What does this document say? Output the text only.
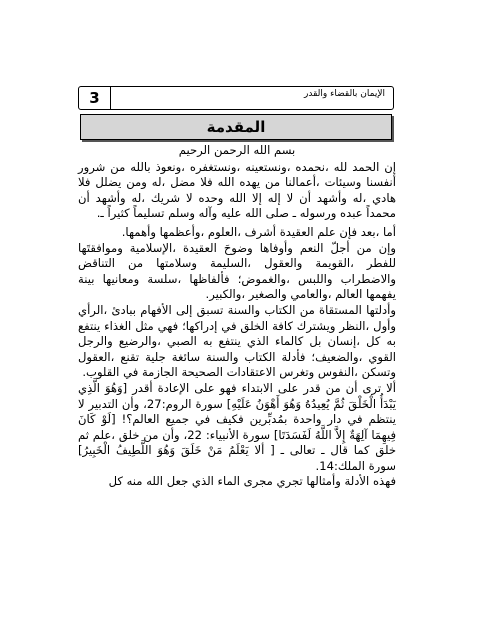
3	الإيمان بالقضاء والقدر
المقدمة
بسم الله الرحمن الرحيم

إن الحمد لله ،نحمده ،ونستعينه ،ونستغفره ،ونعوذ بالله من شرور أنفسنا وسيئات ،أعمالنا من يهده الله فلا مضل ،له ومن يضلل فلا هادي ،له وأشهد أن لا إله إلا الله وحده لا شريك ،له وأشهد أن محمداً عبده ورسوله ـ صلى الله عليه وآله وسلم تسليماً كثيراً ـ.

أما ،بعد فإن علم العقيدة أشرف ،العلوم ،وأعظمها وأهمها.

وإن من أجلّ النعم وأوفاها وضوحَ العقيدة ،الإسلامية وموافقتَها للفطر ،القويمة والعقول ،السليمة وسلامتها من التناقض والاضطراب واللبس ،والغموض؛ فألفاظها ،سلسة ومعانيها بينة يفهمها العالم ،والعامي والصغير ،والكبير.

وأدلتها المستقاة من الكتاب والسنة تسبق إلى الأفهام ببادئ ،الرأي وأول ،النظر ويشترك كافة الخلق في إدراكها؛ فهي مثل الغذاء ينتفع به كل ،إنسان بل كالماء الذي ينتفع به الصبي ،والرضيع والرجل القوي ،والضعيف؛ فأدلة الكتاب والسنة سائغة جلية تقنع ،العقول وتسكن ،النفوس وتغرس الاعتقادات الصحيحة الجازمة في القلوب.

ألا ترى أن من قدر على الابتداء فهو على الإعادة أقدر [وَهُوَ الَّذِي يَبْدَأُ الْخَلْقَ ثُمَّ يُعِيدُهُ وَهُوَ أَهْوَنُ عَلَيْهِ] سورة الروم:27، وأن التدبير لا ينتظم في دار واحدة بمُدبِّرين فكيف في جميع العالم؟! [لَوْ كَانَ فِيهِمَا آلِهَةٌ إِلاَّ اللَّهُ لَفَسَدَتَا] سورة الأنبياء: 22، وأن من خلق ،علم ثم خلق كما قال ـ تعالى ـ [ ألا يَعْلَمُ مَنْ خَلَقَ وَهُوَ اللَّطِيفُ الْخَبِيرُ] سورة الملك:14.

فهذه الأدلة وأمثالها تجري مجرى الماء الذي جعل الله منه كل
